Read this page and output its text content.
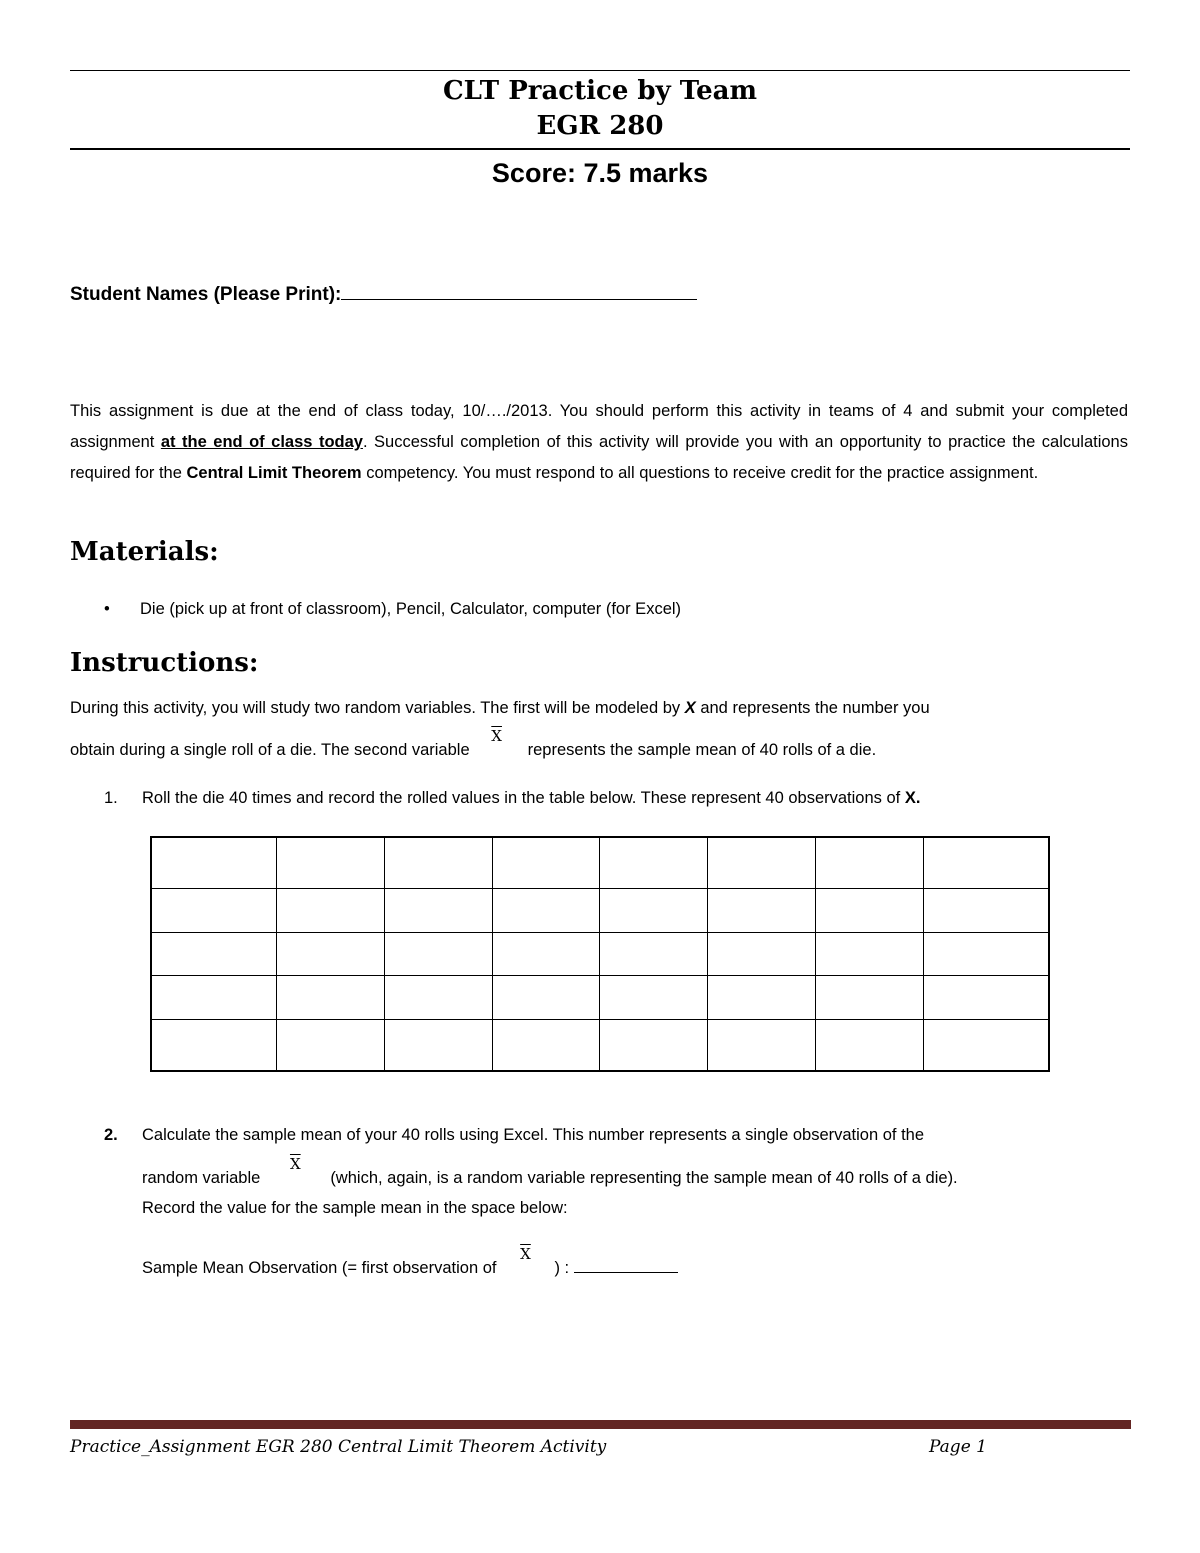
CLT Practice by Team
EGR 280
Score: 7.5 marks
Student Names (Please Print):
This assignment is due at the end of class today, 10/…./2013. You should perform this activity in teams of 4 and submit your completed assignment at the end of class today. Successful completion of this activity will provide you with an opportunity to practice the calculations required for the Central Limit Theorem competency. You must respond to all questions to receive credit for the practice assignment.
Materials:
• Die (pick up at front of classroom), Pencil, Calculator, computer (for Excel)
Instructions:
During this activity, you will study two random variables. The first will be modeled by X and represents the number you
obtain during a single roll of a die. The second $variable\overline{X}represents$ the sample mean of 40 rolls of a die.
1. Roll the die 40 times and record the rolled values in the table below. These represent 40 observations of X.

2. Calculate the sample mean of your 40 rolls using Excel. This number represents a single observation of the
random $variable\overline{X}(which$, again, is a random variable representing the sample mean of 40 rolls of a die).
Record the value for the sample mean in the space below:
Sample Mean Observation (= first observation $of\overline{X}$) :
Practice_Assignment EGR 280 Central Limit Theorem Activity	Page 1
